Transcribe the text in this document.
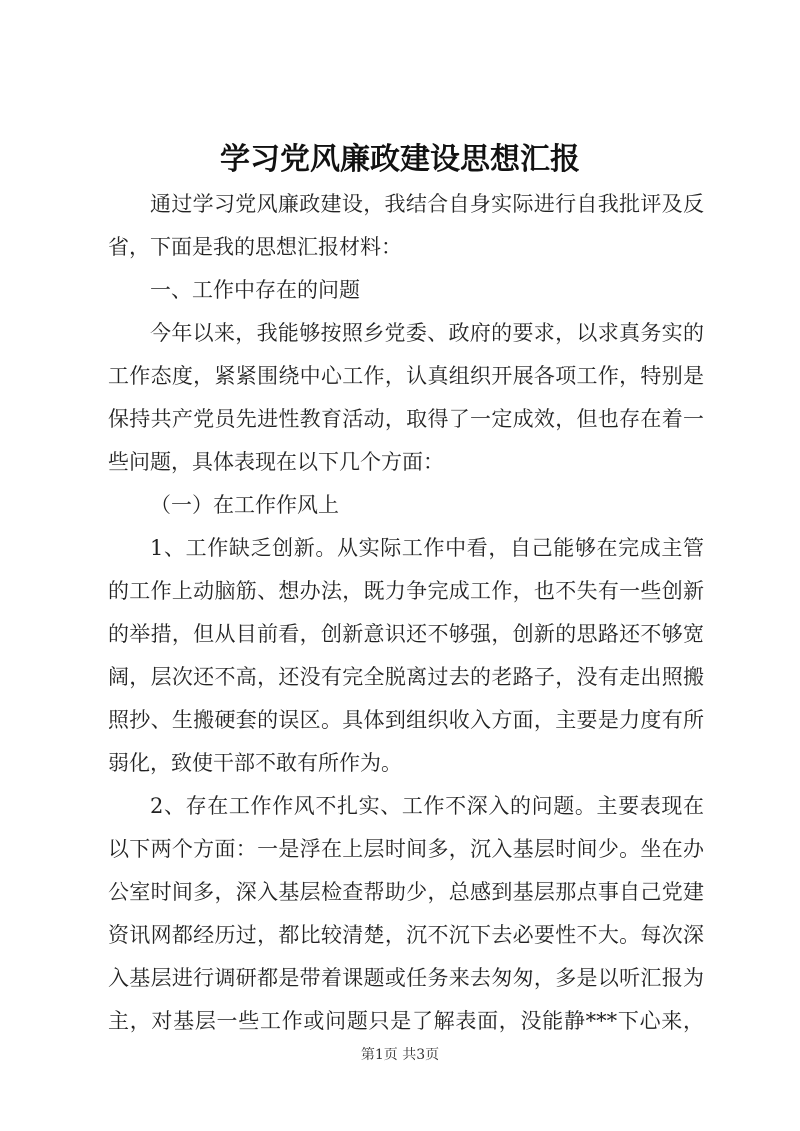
学习党风廉政建设思想汇报
通过学习党风廉政建设，我结合自身实际进行自我批评及反
省，下面是我的思想汇报材料：
一、工作中存在的问题
今年以来，我能够按照乡党委、政府的要求，以求真务实的
工作态度，紧紧围绕中心工作，认真组织开展各项工作，特别是
保持共产党员先进性教育活动，取得了一定成效，但也存在着一
些问题，具体表现在以下几个方面：
（一）在工作作风上
1、工作缺乏创新。从实际工作中看，自己能够在完成主管
的工作上动脑筋、想办法，既力争完成工作，也不失有一些创新
的举措，但从目前看，创新意识还不够强，创新的思路还不够宽
阔，层次还不高，还没有完全脱离过去的老路子，没有走出照搬
照抄、生搬硬套的误区。具体到组织收入方面，主要是力度有所
弱化，致使干部不敢有所作为。
2、存在工作作风不扎实、工作不深入的问题。主要表现在
以下两个方面：一是浮在上层时间多，沉入基层时间少。坐在办
公室时间多，深入基层检查帮助少，总感到基层那点事自己党建
资讯网都经历过，都比较清楚，沉不沉下去必要性不大。每次深
入基层进行调研都是带着课题或任务来去匆匆，多是以听汇报为
主，对基层一些工作或问题只是了解表面，没能静***下心来，
第1页 共3页
